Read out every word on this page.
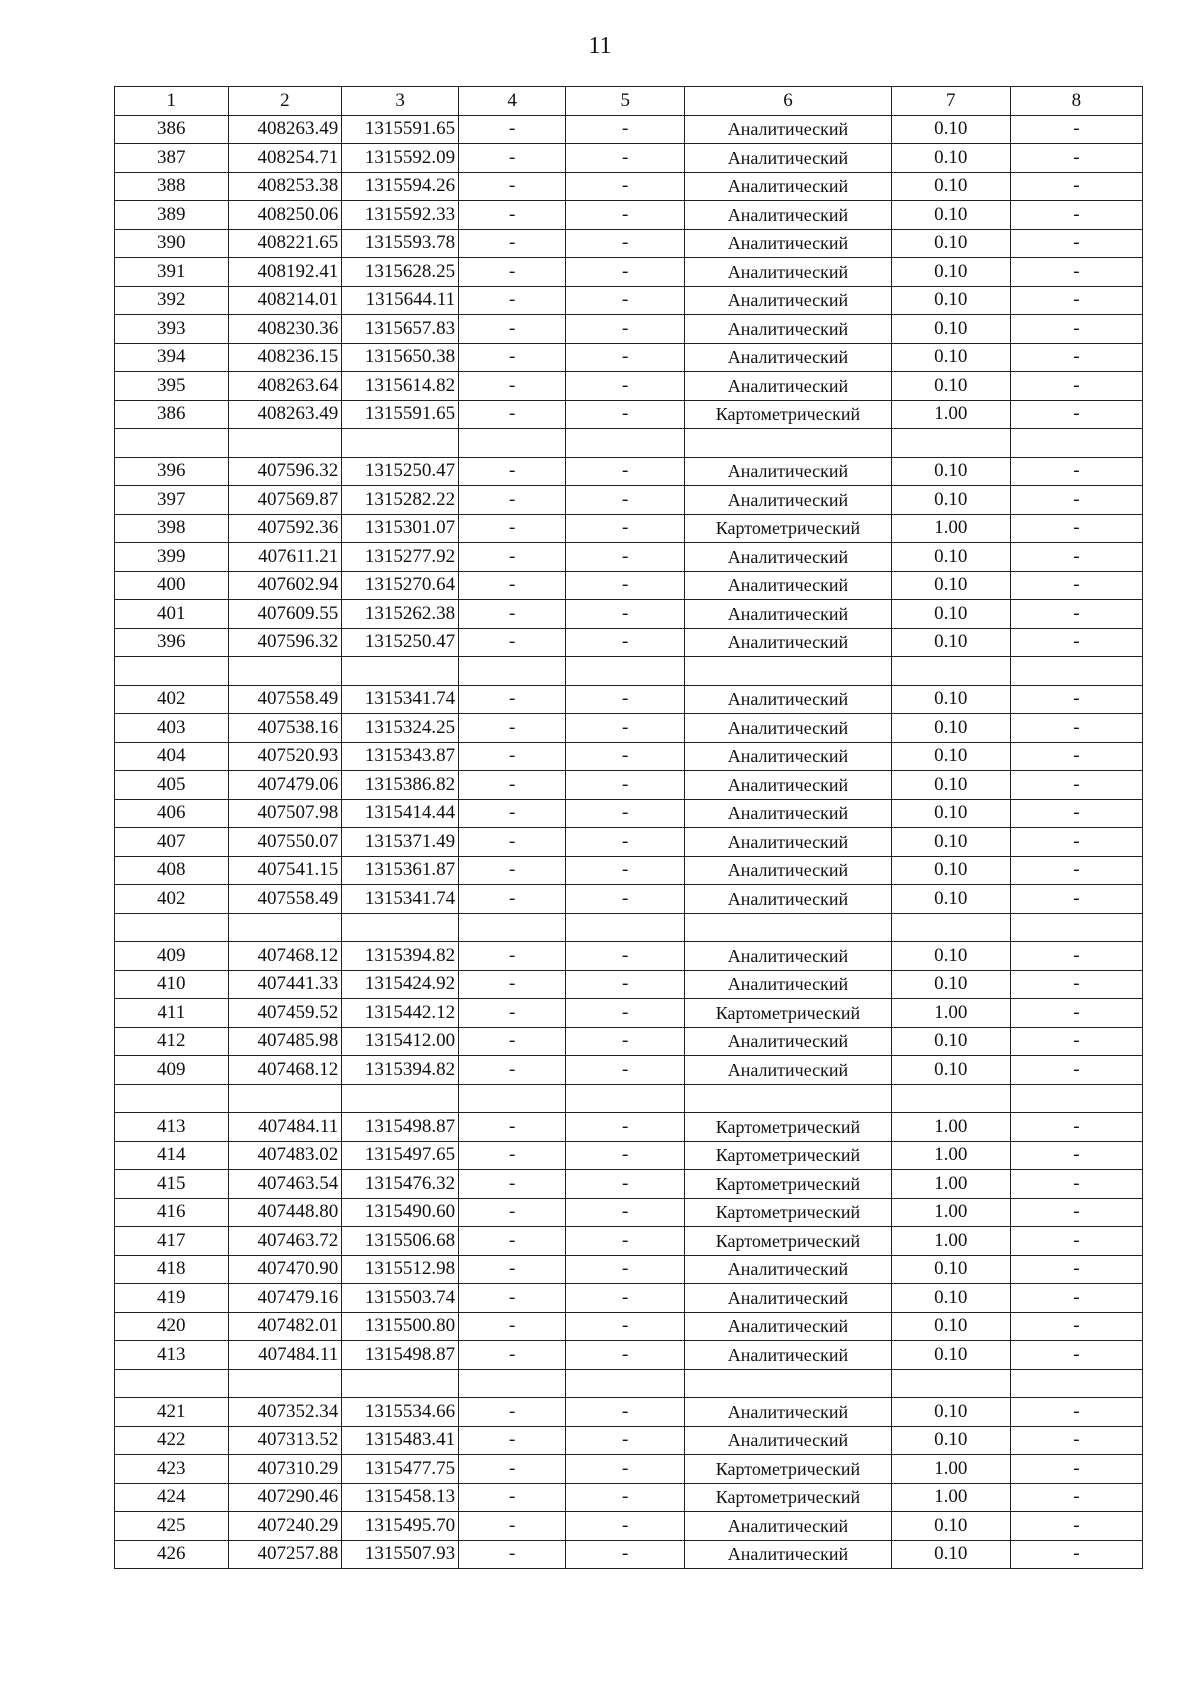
11
1	2	3	4	5	6	7	8
386	408263.49	1315591.65	-	-	Аналитический	0.10	-
387	408254.71	1315592.09	-	-	Аналитический	0.10	-
388	408253.38	1315594.26	-	-	Аналитический	0.10	-
389	408250.06	1315592.33	-	-	Аналитический	0.10	-
390	408221.65	1315593.78	-	-	Аналитический	0.10	-
391	408192.41	1315628.25	-	-	Аналитический	0.10	-
392	408214.01	1315644.11	-	-	Аналитический	0.10	-
393	408230.36	1315657.83	-	-	Аналитический	0.10	-
394	408236.15	1315650.38	-	-	Аналитический	0.10	-
395	408263.64	1315614.82	-	-	Аналитический	0.10	-
386	408263.49	1315591.65	-	-	Картометрический	1.00	-

396	407596.32	1315250.47	-	-	Аналитический	0.10	-
397	407569.87	1315282.22	-	-	Аналитический	0.10	-
398	407592.36	1315301.07	-	-	Картометрический	1.00	-
399	407611.21	1315277.92	-	-	Аналитический	0.10	-
400	407602.94	1315270.64	-	-	Аналитический	0.10	-
401	407609.55	1315262.38	-	-	Аналитический	0.10	-
396	407596.32	1315250.47	-	-	Аналитический	0.10	-

402	407558.49	1315341.74	-	-	Аналитический	0.10	-
403	407538.16	1315324.25	-	-	Аналитический	0.10	-
404	407520.93	1315343.87	-	-	Аналитический	0.10	-
405	407479.06	1315386.82	-	-	Аналитический	0.10	-
406	407507.98	1315414.44	-	-	Аналитический	0.10	-
407	407550.07	1315371.49	-	-	Аналитический	0.10	-
408	407541.15	1315361.87	-	-	Аналитический	0.10	-
402	407558.49	1315341.74	-	-	Аналитический	0.10	-

409	407468.12	1315394.82	-	-	Аналитический	0.10	-
410	407441.33	1315424.92	-	-	Аналитический	0.10	-
411	407459.52	1315442.12	-	-	Картометрический	1.00	-
412	407485.98	1315412.00	-	-	Аналитический	0.10	-
409	407468.12	1315394.82	-	-	Аналитический	0.10	-

413	407484.11	1315498.87	-	-	Картометрический	1.00	-
414	407483.02	1315497.65	-	-	Картометрический	1.00	-
415	407463.54	1315476.32	-	-	Картометрический	1.00	-
416	407448.80	1315490.60	-	-	Картометрический	1.00	-
417	407463.72	1315506.68	-	-	Картометрический	1.00	-
418	407470.90	1315512.98	-	-	Аналитический	0.10	-
419	407479.16	1315503.74	-	-	Аналитический	0.10	-
420	407482.01	1315500.80	-	-	Аналитический	0.10	-
413	407484.11	1315498.87	-	-	Аналитический	0.10	-

421	407352.34	1315534.66	-	-	Аналитический	0.10	-
422	407313.52	1315483.41	-	-	Аналитический	0.10	-
423	407310.29	1315477.75	-	-	Картометрический	1.00	-
424	407290.46	1315458.13	-	-	Картометрический	1.00	-
425	407240.29	1315495.70	-	-	Аналитический	0.10	-
426	407257.88	1315507.93	-	-	Аналитический	0.10	-
